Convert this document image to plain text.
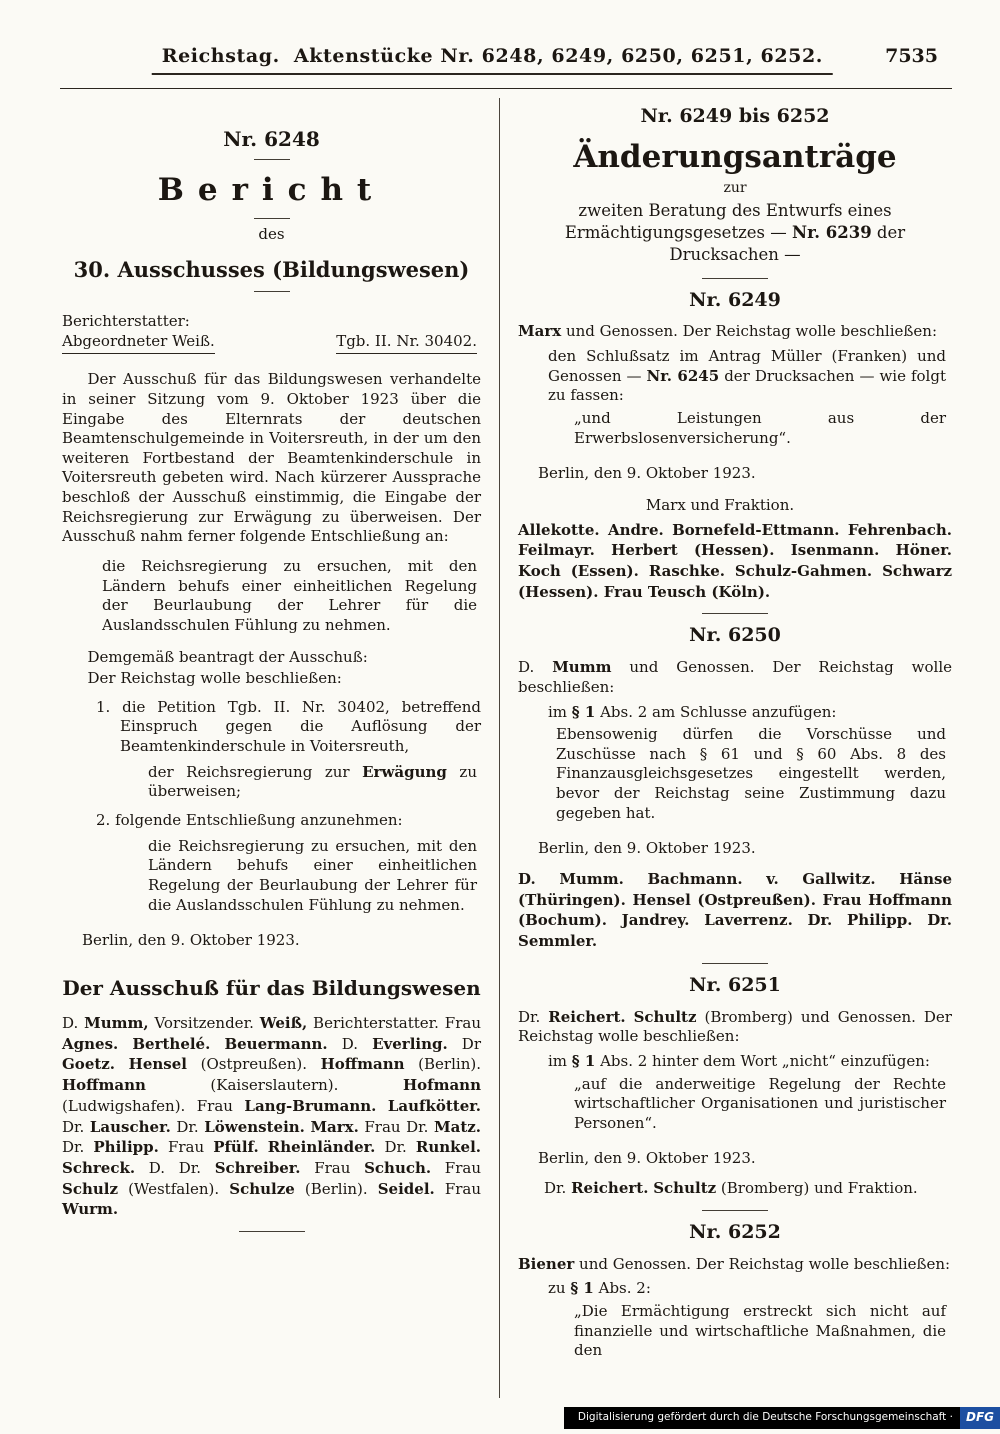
Reichstag. Aktenstücke Nr. 6248, 6249, 6250, 6251, 6252.	7535
Nr. 6248
Bericht
des
30. Ausschusses (Bildungswesen)
Berichterstatter:
Abgeordneter Weiß.	Tgb. II. Nr. 30402.

Der Ausschuß für das Bildungswesen verhandelte in seiner Sitzung vom 9. Oktober 1923 über die Eingabe des Elternrats der deutschen Beamtenschulgemeinde in Voitersreuth, in der um den weiteren Fortbestand der Beamtenkinderschule in Voitersreuth gebeten wird. Nach kürzerer Aussprache beschloß der Ausschuß einstimmig, die Eingabe der Reichsregierung zur Erwägung zu überweisen. Der Ausschuß nahm ferner folgende Entschließung an:

die Reichsregierung zu ersuchen, mit den Ländern behufs einer einheitlichen Regelung der Beurlaubung der Lehrer für die Auslandsschulen Fühlung zu nehmen.

Demgemäß beantragt der Ausschuß:

Der Reichstag wolle beschließen:

1. die Petition Tgb. II. Nr. 30402, betreffend Einspruch gegen die Auflösung der Beamtenkinderschule in Voitersreuth,

der Reichsregierung zur Erwägung zu überweisen;

2. folgende Entschließung anzunehmen:

die Reichsregierung zu ersuchen, mit den Ländern behufs einer einheitlichen Regelung der Beurlaubung der Lehrer für die Auslandsschulen Fühlung zu nehmen.

Berlin, den 9. Oktober 1923.

Der Ausschuß für das Bildungswesen

D. Mumm, Vorsitzender. Weiß, Berichterstatter. Frau Agnes. Berthelé. Beuermann. D. Everling. Dr Goetz. Hensel (Ostpreußen). Hoffmann (Berlin). Hoffmann (Kaiserslautern). Hofmann (Ludwigshafen). Frau Lang-Brumann. Laufkötter. Dr. Lauscher. Dr. Löwenstein. Marx. Frau Dr. Matz. Dr. Philipp. Frau Pfülf. Rheinländer. Dr. Runkel. Schreck. D. Dr. Schreiber. Frau Schuch. Frau Schulz (Westfalen). Schulze (Berlin). Seidel. Frau Wurm.

Nr. 6249 bis 6252
Änderungsanträge
zur
zweiten Beratung des Entwurfs eines Ermächtigungsgesetzes — Nr. 6239 der Drucksachen —
Nr. 6249

Marx und Genossen. Der Reichstag wolle beschließen:

den Schlußsatz im Antrag Müller (Franken) und Genossen — Nr. 6245 der Drucksachen — wie folgt zu fassen:

„und Leistungen aus der Erwerbslosenversicherung“.

Berlin, den 9. Oktober 1923.

Marx und Fraktion.

Allekotte. Andre. Bornefeld-Ettmann. Fehrenbach. Feilmayr. Herbert (Hessen). Isenmann. Höner. Koch (Essen). Raschke. Schulz-Gahmen. Schwarz (Hessen). Frau Teusch (Köln).

Nr. 6250

D. Mumm und Genossen. Der Reichstag wolle beschließen:

im § 1 Abs. 2 am Schlusse anzufügen:

Ebensowenig dürfen die Vorschüsse und Zuschüsse nach § 61 und § 60 Abs. 8 des Finanzausgleichsgesetzes eingestellt werden, bevor der Reichstag seine Zustimmung dazu gegeben hat.

Berlin, den 9. Oktober 1923.

D. Mumm. Bachmann. v. Gallwitz. Hänse (Thüringen). Hensel (Ostpreußen). Frau Hoffmann (Bochum). Jandrey. Laverrenz. Dr. Philipp. Dr. Semmler.

Nr. 6251

Dr. Reichert. Schultz (Bromberg) und Genossen. Der Reichstag wolle beschließen:

im § 1 Abs. 2 hinter dem Wort „nicht“ einzufügen:

„auf die anderweitige Regelung der Rechte wirtschaftlicher Organisationen und juristischer Personen“.

Berlin, den 9. Oktober 1923.

Dr. Reichert. Schultz (Bromberg) und Fraktion.

Nr. 6252

Biener und Genossen. Der Reichstag wolle beschließen:

zu § 1 Abs. 2:

„Die Ermächtigung erstreckt sich nicht auf finanzielle und wirtschaftliche Maßnahmen, die den

Digitalisierung gefördert durch die Deutsche Forschungsgemeinschaft ·	DFG
